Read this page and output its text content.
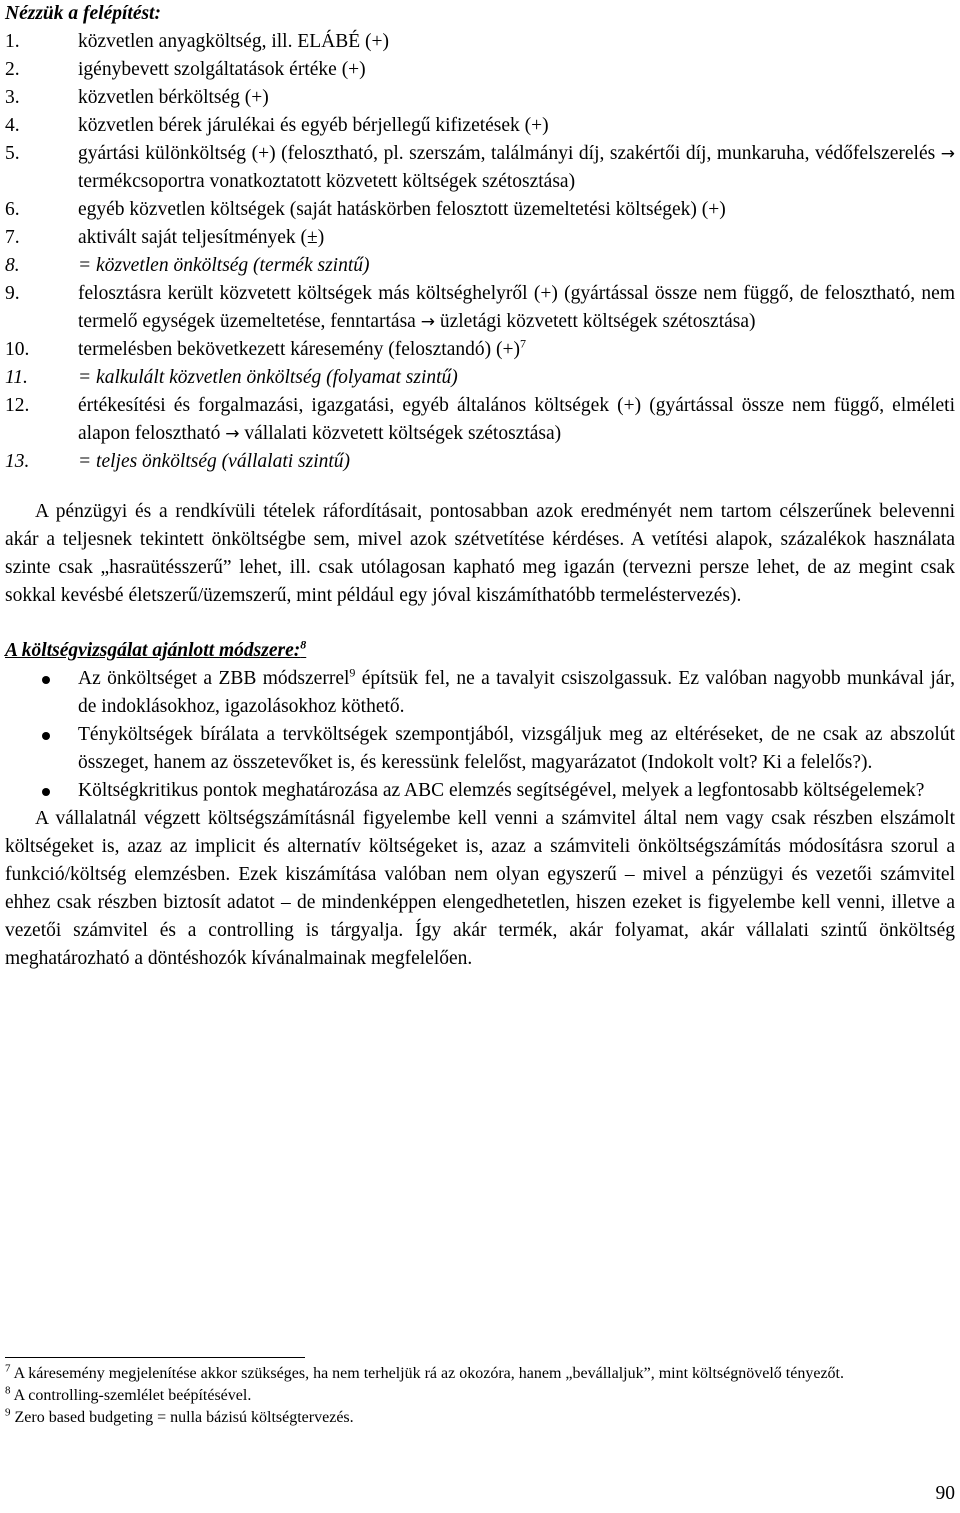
Nézzük a felépítést:

1.	közvetlen anyagköltség, ill. ELÁBÉ (+)
2.	igénybevett szolgáltatások értéke (+)
3.	közvetlen bérköltség (+)
4.	közvetlen bérek járulékai és egyéb bérjellegű kifizetések (+)
5.	gyártási különköltség (+) (felosztható, pl. szerszám, találmányi díj, szakértői díj, munkaruha, védőfelszerelés → termékcsoportra vonatkoztatott közvetett költségek szétosztása)
6.	egyéb közvetlen költségek (saját hatáskörben felosztott üzemeltetési költségek) (+)
7.	aktivált saját teljesítmények (±)
8.	= közvetlen önköltség (termék szintű)
9.	felosztásra került közvetett költségek más költséghelyről (+) (gyártással össze nem függő, de felosztható, nem termelő egységek üzemeltetése, fenntartása → üzletági közvetett költségek szétosztása)
10. termelésben bekövetkezett káresemény (felosztandó) $(+)^7$
11.	= kalkulált közvetlen önköltség (folyamat szintű)
12. értékesítési és forgalmazási, igazgatási, egyéb általános költségek (+) (gyártással össze nem függő, elméleti alapon felosztható → vállalati közvetett költségek szétosztása)
13. = teljes önköltség (vállalati szintű)

A pénzügyi és a rendkívüli tételek ráfordításait, pontosabban azok eredményét nem tartom célszerűnek belevenni akár a teljesnek tekintett önköltségbe sem, mivel azok szétvetítése kérdéses. A vetítési alapok, százalékok használata szinte csak „hasraütésszerű” lehet, ill. csak utólagosan kapható meg igazán (tervezni persze lehet, de az megint csak sokkal kevésbé életszerű/üzemszerű, mint például egy jóval kiszámíthatóbb termeléstervezés).

A költségvizsgálat ajánlott módszere:$^8$

Az önköltséget a ZBB módszerrel$^9$ építsük fel, ne a tavalyit csiszolgassuk. Ez valóban nagyobb munkával jár, de indoklásokhoz, igazolásokhoz köthető.
Tényköltségek bírálata a tervköltségek szempontjából, vizsgáljuk meg az eltéréseket, de ne csak az abszolút összeget, hanem az összetevőket is, és keressünk felelőst, magyarázatot (Indokolt volt? Ki a felelős?).
Költségkritikus pontok meghatározása az ABC elemzés segítségével, melyek a legfontosabb költségelemek?

A vállalatnál végzett költségszámításnál figyelembe kell venni a számvitel által nem vagy csak részben elszámolt költségeket is, azaz az implicit és alternatív költségeket is, azaz a számviteli önköltségszámítás módosításra szorul a funkció/költség elemzésben. Ezek kiszámítása valóban nem olyan egyszerű – mivel a pénzügyi és vezetői számvitel ehhez csak részben biztosít adatot – de mindenképpen elengedhetetlen, hiszen ezeket is figyelembe kell venni, illetve a vezetői számvitel és a controlling is tárgyalja. Így akár termék, akár folyamat, akár vállalati szintű önköltség meghatározható a döntéshozók kívánalmainak megfelelően.

$^7$ A káresemény megjelenítése akkor szükséges, ha nem terheljük rá az okozóra, hanem „bevállaljuk”, mint költségnövelő tényezőt.

$^8$ A controlling-szemlélet beépítésével.

$^9$ Zero based budgeting = nulla bázisú költségtervezés.

90
